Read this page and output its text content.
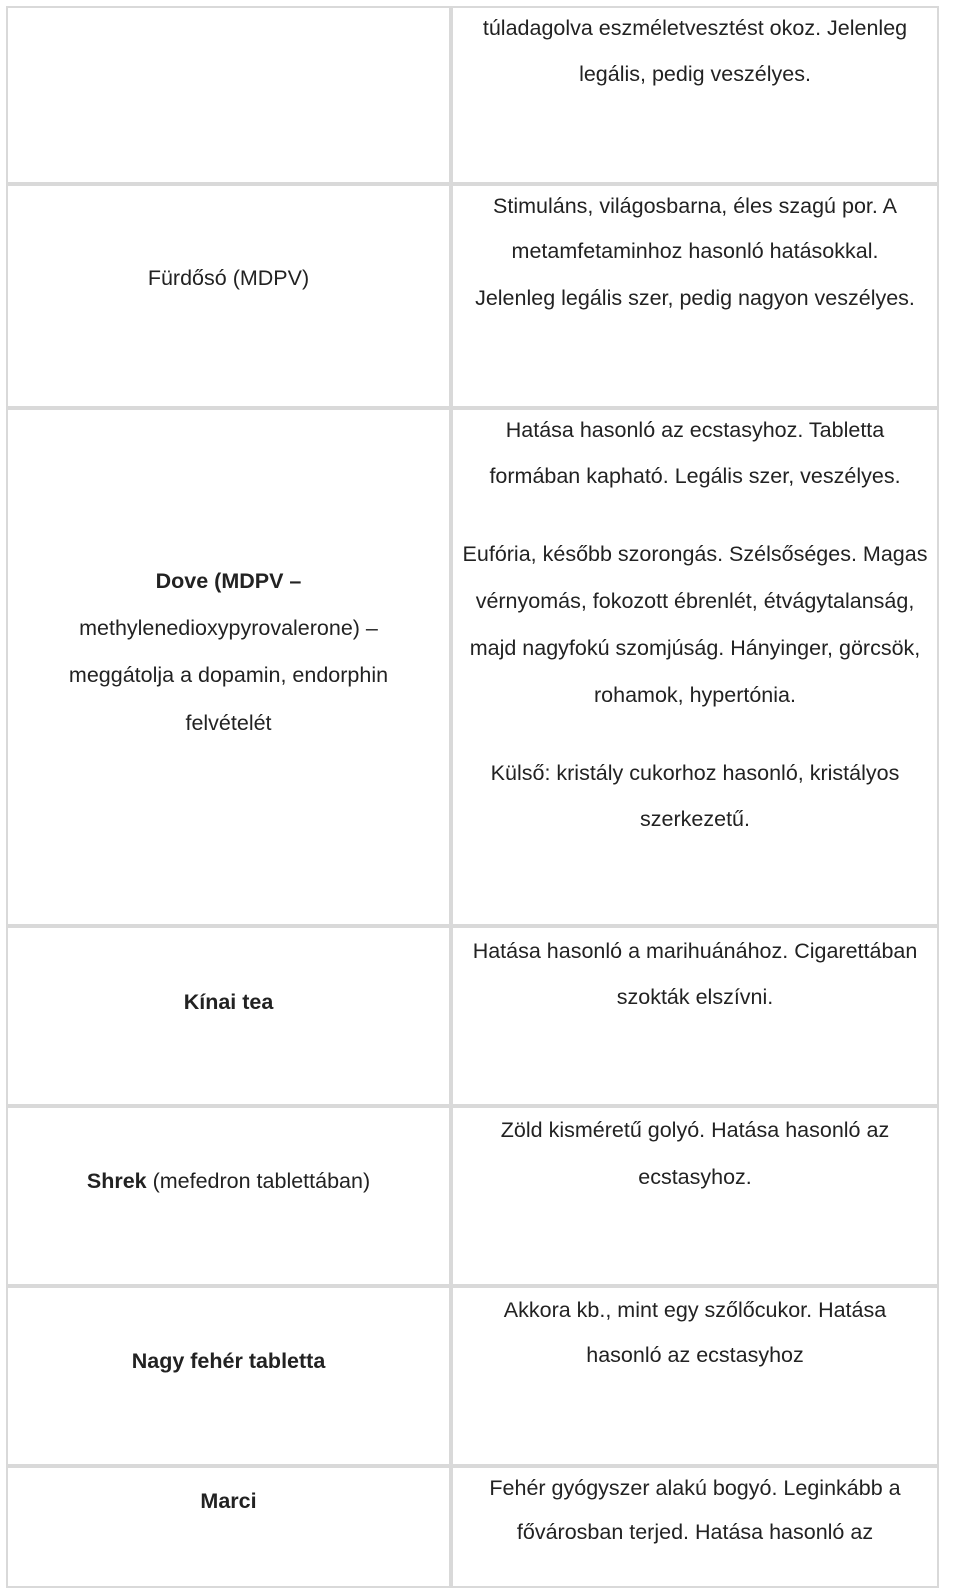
túladagolva eszméletvesztést okoz. Jelenleg
legális, pedig veszélyes.
Fürdősó (MDPV)
Stimuláns, világosbarna, éles szagú por. A
metamfetaminhoz hasonló hatásokkal.
Jelenleg legális szer, pedig nagyon veszélyes.
Dove (MDPV –
methylenedioxypyrovalerone) –
meggátolja a dopamin, endorphin
felvételét
Hatása hasonló az ecstasyhoz. Tabletta
formában kapható. Legális szer, veszélyes.
Eufória, később szorongás. Szélsőséges. Magas
vérnyomás, fokozott ébrenlét, étvágytalanság,
majd nagyfokú szomjúság. Hányinger, görcsök,
rohamok, hypertónia.
Külső: kristály cukorhoz hasonló, kristályos
szerkezetű.
Kínai tea
Hatása hasonló a marihuánához. Cigarettában
szokták elszívni.
Shrek (mefedron tablettában)
Zöld kisméretű golyó. Hatása hasonló az
ecstasyhoz.
Nagy fehér tabletta
Akkora kb., mint egy szőlőcukor. Hatása
hasonló az ecstasyhoz
Marci
Fehér gyógyszer alakú bogyó. Leginkább a
fővárosban terjed. Hatása hasonló az
